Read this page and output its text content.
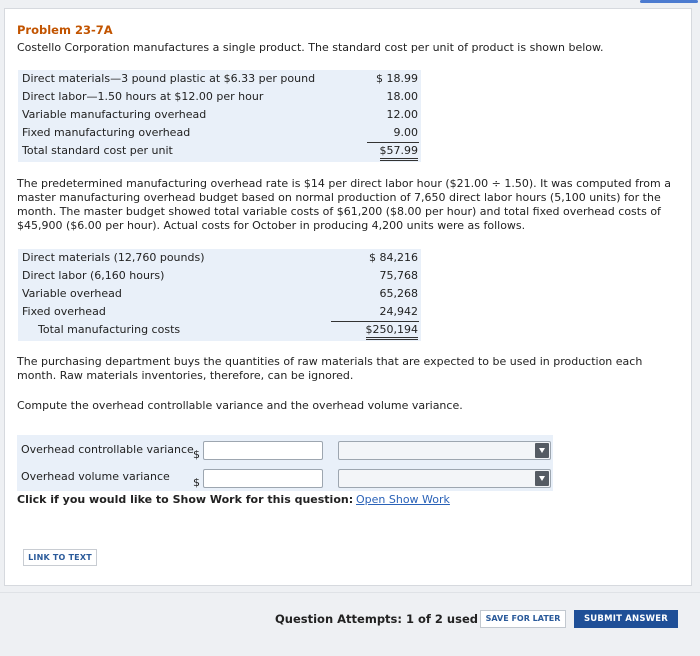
Problem 23-7A
Costello Corporation manufactures a single product. The standard cost per unit of product is shown below.
Direct materials—3 pound plastic at $6.33 per pound	$ 18.99
Direct labor—1.50 hours at $12.00 per hour	18.00
Variable manufacturing overhead	12.00
Fixed manufacturing overhead	9.00
Total standard cost per unit	$57.99
The predetermined manufacturing overhead rate is $14 per direct labor hour ($21.00 ÷ 1.50). It was computed from a master manufacturing overhead budget based on normal production of 7,650 direct labor hours (5,100 units) for the month. The master budget showed total variable costs of $61,200 ($8.00 per hour) and total fixed overhead costs of $45,900 ($6.00 per hour). Actual costs for October in producing 4,200 units were as follows.
Direct materials (12,760 pounds)	$ 84,216
Direct labor (6,160 hours)	75,768
Variable overhead	65,268
Fixed overhead	24,942
Total manufacturing costs	$250,194
The purchasing department buys the quantities of raw materials that are expected to be used in production each month. Raw materials inventories, therefore, can be ignored.
Compute the overhead controllable variance and the overhead volume variance.
Overhead controllable variance $
Overhead volume variance $
Click if you would like to Show Work for this question: Open Show Work
LINK TO TEXT
Question Attempts: 1 of 2 used SAVE FOR LATER	SUBMIT ANSWER
